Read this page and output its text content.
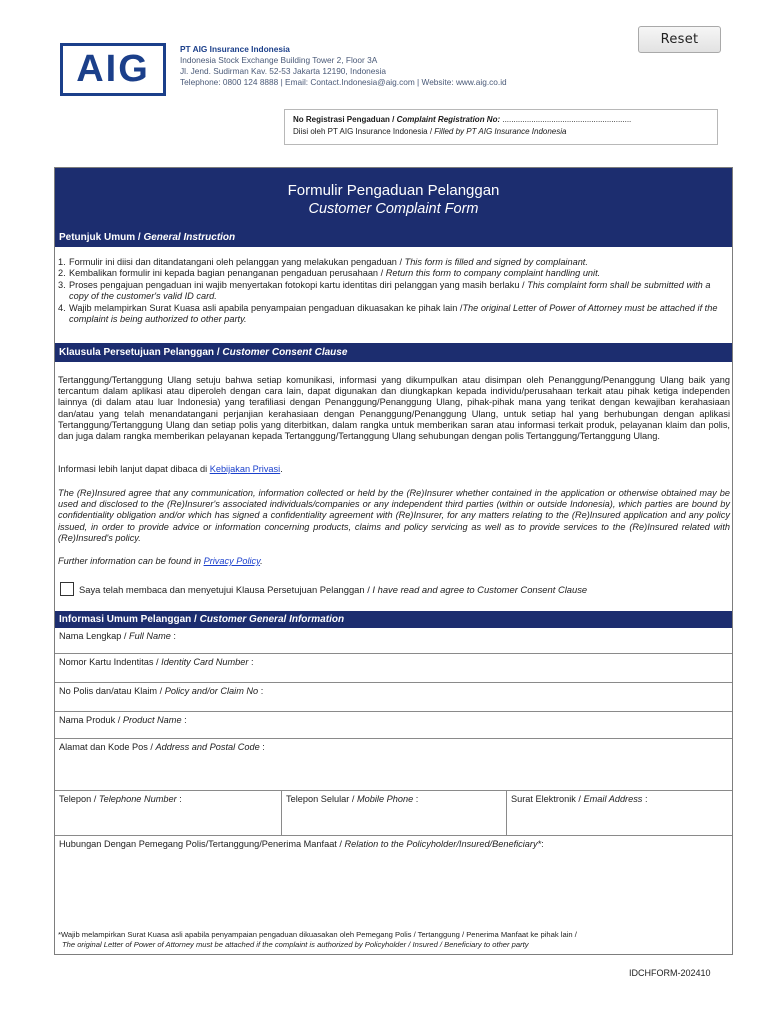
Reset
AIG	PT AIG Insurance Indonesia
Indonesia Stock Exchange Building Tower 2, Floor 3A
Jl. Jend. Sudirman Kav. 52-53 Jakarta 12190, Indonesia
Telephone: 0800 124 8888 | Email: Contact.Indonesia@aig.com | Website: www.aig.co.id
No Registrasi Pengaduan / Complaint Registration No: ..........................................................
Diisi oleh PT AIG Insurance Indonesia / Filled by PT AIG Insurance Indonesia
Formulir Pengaduan Pelanggan
Customer Complaint Form
Petunjuk Umum / General Instruction
1. Formulir ini diisi dan ditandatangani oleh pelanggan yang melakukan pengaduan / This form is filled and signed by complainant.
2. Kembalikan formulir ini kepada bagian penanganan pengaduan perusahaan / Return this form to company complaint handling unit.
3. Proses pengajuan pengaduan ini wajib menyertakan fotokopi kartu identitas diri pelanggan yang masih berlaku / This complaint form shall be submitted with a copy of the customer's valid ID card.
4. Wajib melampirkan Surat Kuasa asli apabila penyampaian pengaduan dikuasakan ke pihak lain /The original Letter of Power of Attorney must be attached if the complaint is being authorized to other party.
Klausula Persetujuan Pelanggan / Customer Consent Clause
Tertanggung/Tertanggung Ulang setuju bahwa setiap komunikasi, informasi yang dikumpulkan atau disimpan oleh Penanggung/Penanggung Ulang baik yang tercantum dalam aplikasi atau diperoleh dengan cara lain, dapat digunakan dan diungkapkan kepada individu/perusahaan terkait atau pihak ketiga independen lainnya (di dalam atau luar Indonesia) yang terafiliasi dengan Penanggung/Penanggung Ulang, pihak-pihak mana yang terikat dengan kewajiban kerahasiaan dan/atau yang telah menandatangani perjanjian kerahasiaan dengan Penanggung/Penanggung Ulang, untuk setiap hal yang berhubungan dengan aplikasi Tertanggung/Tertanggung Ulang dan setiap polis yang diterbitkan, dalam rangka untuk memberikan saran atau informasi terkait produk, pelayanan klaim dan polis, dan juga dalam rangka memberikan pelayanan kepada Tertanggung/Tertanggung Ulang sehubungan dengan polis Tertanggung/Tertanggung Ulang.
Informasi lebih lanjut dapat dibaca di Kebijakan Privasi.
The (Re)Insured agree that any communication, information collected or held by the (Re)Insurer whether contained in the application or otherwise obtained may be used and disclosed to the (Re)Insurer's associated individuals/companies or any independent third parties (within or outside Indonesia), which parties are bound by confidentiality obligation and/or which has signed a confidentiality agreement with (Re)Insurer, for any matters relating to the (Re)Insured application and any policy issued, in order to provide advice or information concerning products, claims and policy servicing as well as to provide services to the (Re)Insured related with (Re)Insured's policy.
Further information can be found in Privacy Policy.
Saya telah membaca dan menyetujui Klausa Persetujuan Pelanggan / I have read and agree to Customer Consent Clause
Informasi Umum Pelanggan / Customer General Information
Nama Lengkap / Full Name :
Nomor Kartu Indentitas / Identity Card Number :
No Polis dan/atau Klaim / Policy and/or Claim No :
Nama Produk / Product Name :
Alamat dan Kode Pos / Address and Postal Code :
Telepon / Telephone Number :	Telepon Selular / Mobile Phone :	Surat Elektronik / Email Address :
Hubungan Dengan Pemegang Polis/Tertanggung/Penerima Manfaat / Relation to the Policyholder/Insured/Beneficiary*:
*Wajib melampirkan Surat Kuasa asli apabila penyampaian pengaduan dikuasakan oleh Pemegang Polis / Tertanggung / Penerima Manfaat ke pihak lain /
The original Letter of Power of Attorney must be attached if the complaint is authorized by Policyholder / Insured / Beneficiary to other party
IDCHFORM-202410
